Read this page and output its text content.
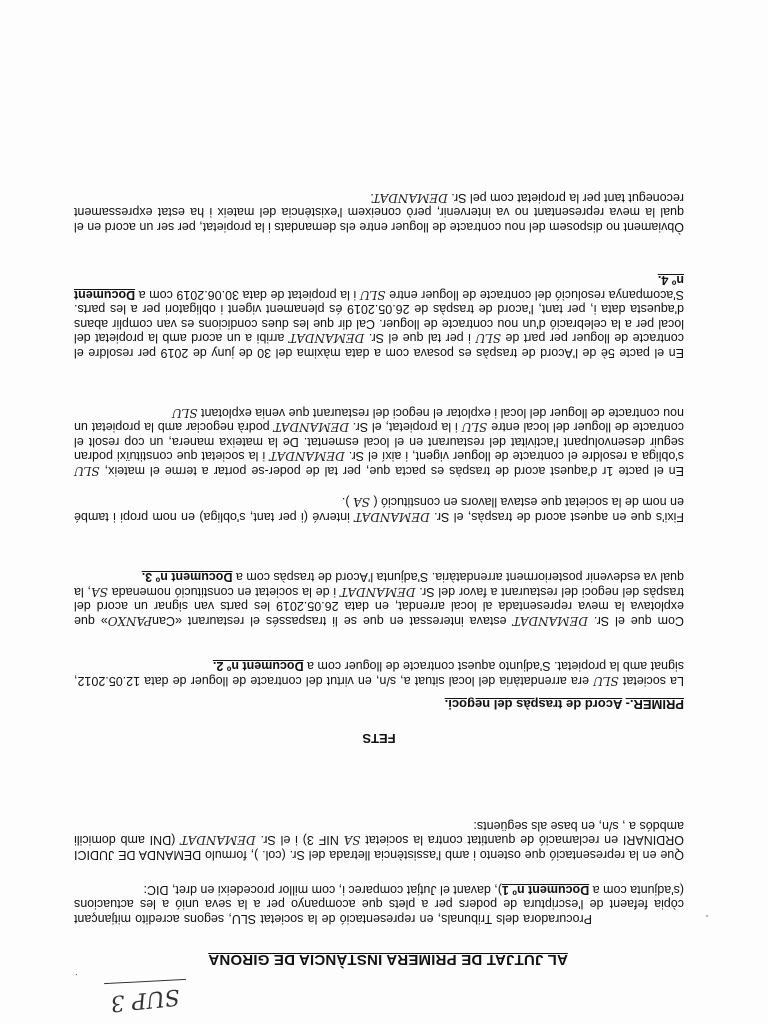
SUP 3
·
'
AL JUTJAT DE PRIMERA INSTÀNCIA DE GIRONA

Procuradora dels Tribunals, en representació de la societat SLU, segons acredito mitjançant còpia fefaent de l'escriptura de poders per a plets que acompanyo per a la seva unió a les actuacions (s'adjunta com a Document nº 1), davant el Jutjat comparec i, com millor procedeixi en dret, DIC:

Que en la representació que ostento i amb l'assistència lletrada del Sr. (col. ), formulo DEMANDA DE JUDICI ORDINARI en reclamació de quantitat contra la societat SA NIF 3) i el Sr. DEMANDAT (DNI amb domicili ambdós a , s/n, en base als següents:

FETS
PRIMER.- Acord de traspàs del negoci.

La societat SLU era arrendatària del local situat a, s/n, en virtut del contracte de lloguer de data 12.05.2012, signat amb la propietat. S'adjunto aquest contracte de lloguer com a Document nº 2.

Com que el Sr. DEMANDAT estava interessat en que se li traspassés el restaurant «CanPANXO» que explotava la meva representada al local arrendat, en data 26.05.2019 les parts van signar un acord del traspàs del negoci del restaurant a favor del Sr. DEMANDAT i de la societat en constitució nomenada SA, la qual va esdevenir posteriorment arrendatària. S'adjunta l'Acord de traspàs com a Document nº 3.

Fixi's que en aquest acord de traspàs, el Sr. DEMANDAT intervé (i per tant, s'obliga) en nom propi i també en nom de la societat que estava llavors en constitució ( SA ).

En el pacte 1r d'aquest acord de traspàs es pacta que, per tal de poder-se portar a terme el mateix, SLU s'obliga a resoldre el contracte de lloguer vigent, i així el Sr. DEMANDAT i la societat que constituïxi podran seguir desenvolupant l'activitat del restaurant en el local esmentat. De la mateixa manera, un cop resolt el contracte de lloguer del local entre SLU i la propietat, el Sr. DEMANDAT podrà negociar amb la propietat un nou contracte de lloguer del local i explotar el negoci del restaurant que venia explotant SLU

En el pacte 5è de l'Acord de traspàs es posava com a data màxima del 30 de juny de 2019 per resoldre el contracte de lloguer per part de SLU i per tal que el Sr. DEMANDAT arribi a un acord amb la propietat del local per a la celebració d'un nou contracte de lloguer. Cal dir que les dues condicions es van complir abans d'aquesta data i, per tant, l'acord de traspàs de 26.05.2019 és plenament vigent i obligatori per a les parts. S'acompanya resolució del contracte de lloguer entre SLU i la propietat de data 30.06.2019 com a Document nº 4.

Òbviament no disposem del nou contracte de lloguer entre els demandats i la propietat, per ser un acord en el qual la meva representant no va intervenir, però coneixem l'existència del mateix i ha estat expressament reconegut tant per la propietat com pel Sr. DEMANDAT.
